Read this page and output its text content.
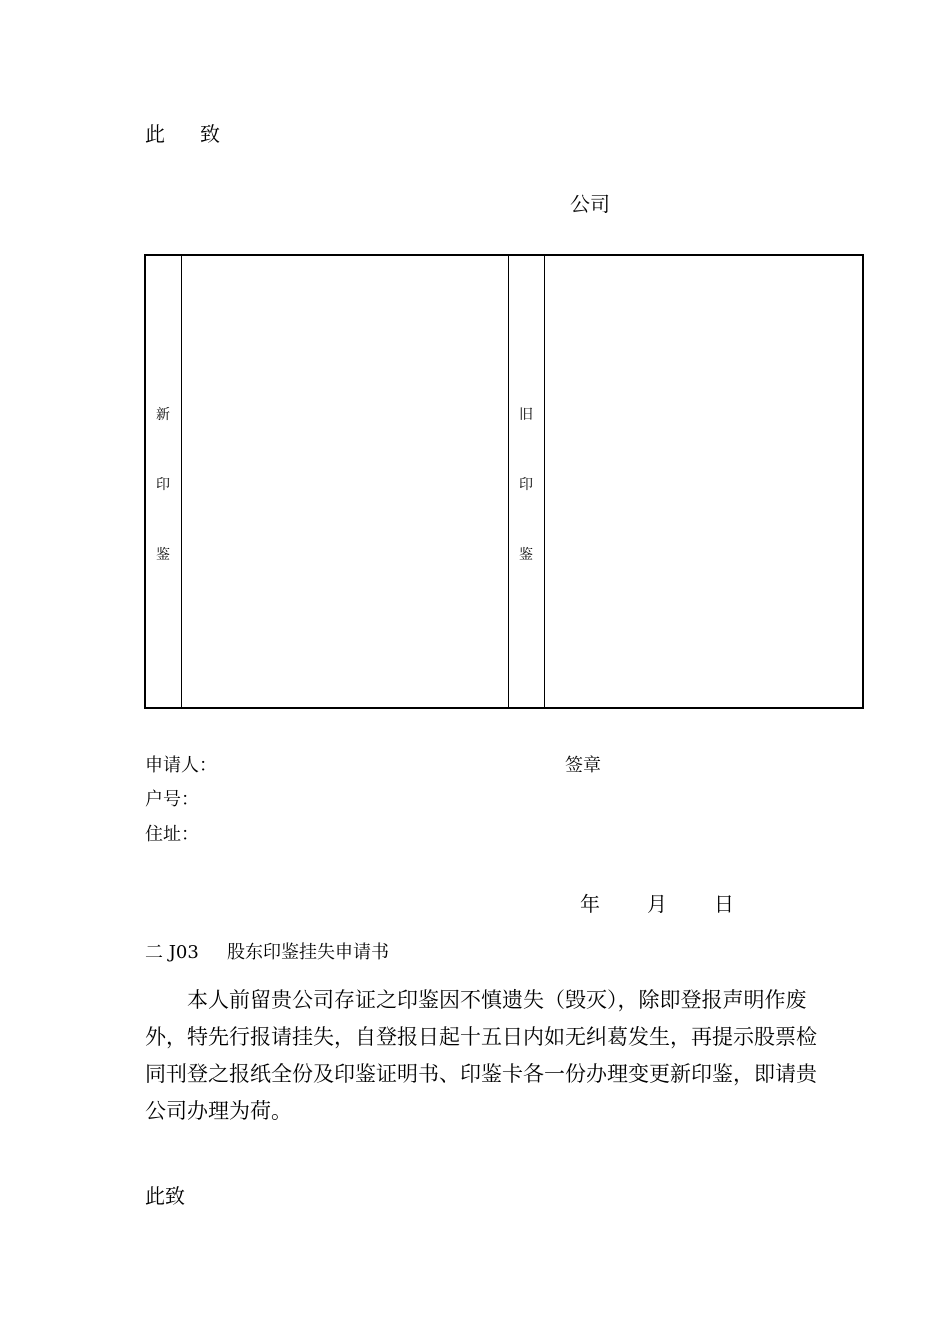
此 致
公司
新
印
鉴
旧
印
鉴
申请人：	签章
户号：
住址：
年 月 日
二 J03 股东印鉴挂失申请书
本人前留贵公司存证之印鉴因不慎遗失（毁灭），除即登报声明作废外，特先行报请挂失，自登报日起十五日内如无纠葛发生，再提示股票检同刊登之报纸全份及印鉴证明书、印鉴卡各一份办理变更新印鉴，即请贵公司办理为荷。
此致
